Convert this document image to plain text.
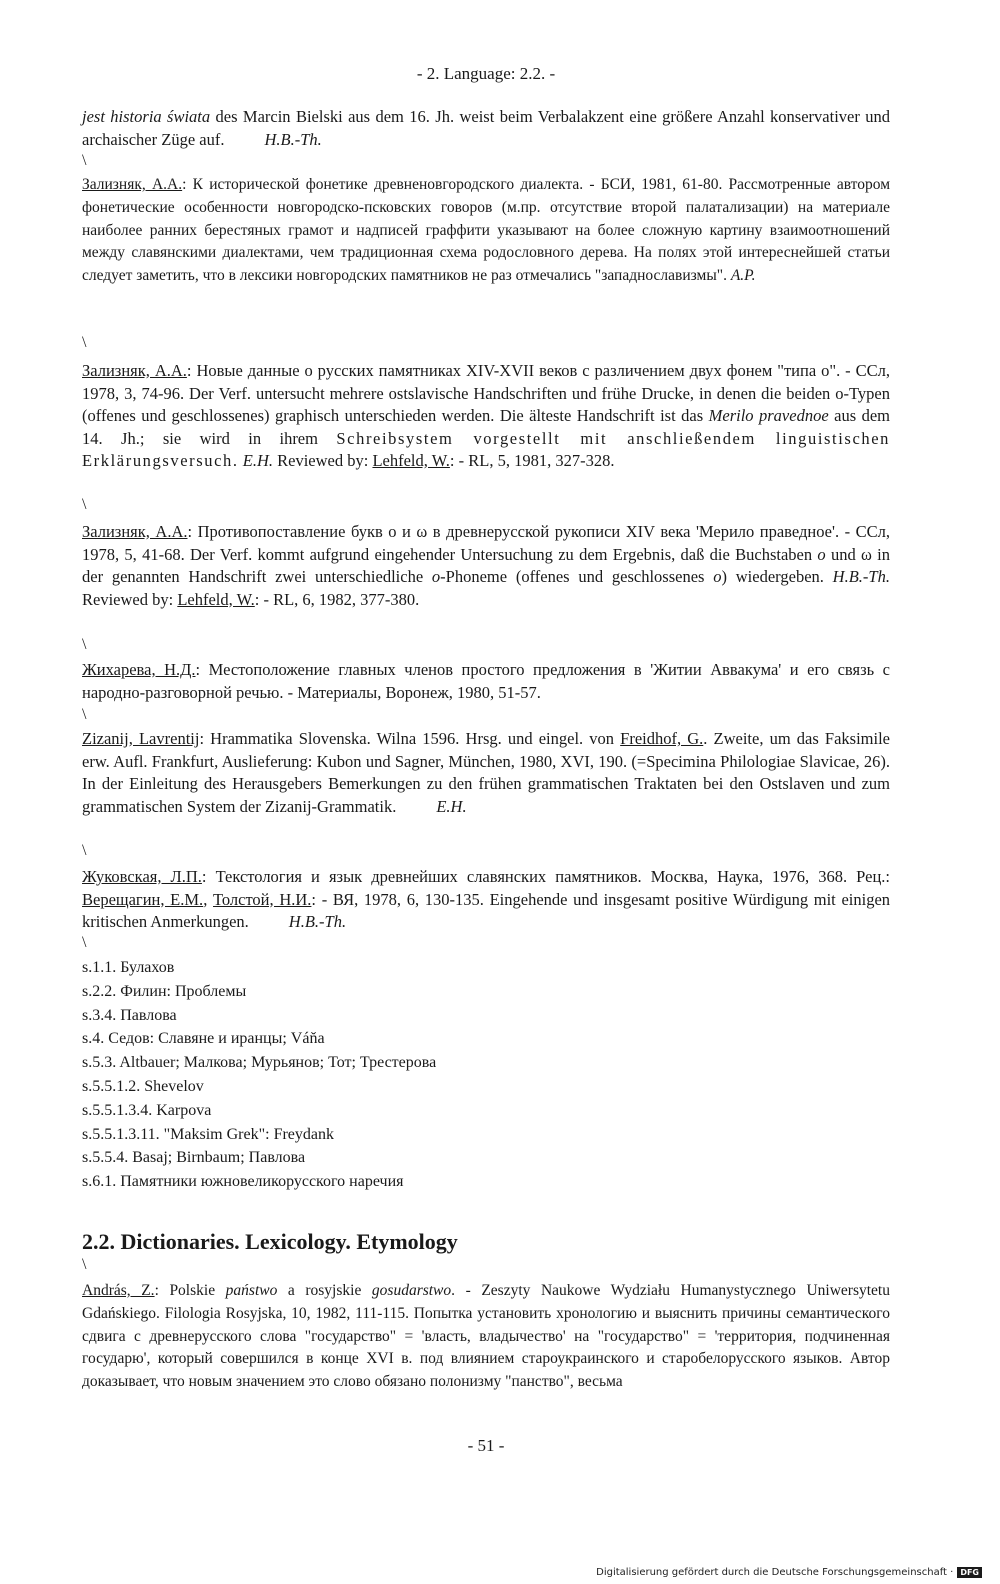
- 2. Language: 2.2. -
jest historia świata des Marcin Bielski aus dem 16. Jh. weist beim Verbalakzent eine größere Anzahl konservativer und archaischer Züge auf. H.B.-Th.
\
Зализняк, А.А.: К исторической фонетике древненовгородского диалекта. - БСИ, 1981, 61-80. Рассмотренные автором фонетические особенности новгородско-псковских говоров (м.пр. отсутствие второй палатализации) на материале наиболее ранних берестяных грамот и надписей граффити указывают на более сложную картину взаимоотношений между славянскими диалектами, чем традиционная схема родословного дерева. На полях этой интереснейшей статьи следует заметить, что в лексики новгородских памятников не раз отмечались "западнославизмы". A.P.
\
Зализняк, А.А.: Новые данные о русских памятниках XIV-XVII веков с различением двух фонем "типа о". - ССл, 1978, 3, 74-96. Der Verf. untersucht mehrere ostslavische Handschriften und frühe Drucke, in denen die beiden o-Typen (offenes und geschlossenes) graphisch unterschieden werden. Die älteste Handschrift ist das Merilo pravednoe aus dem 14. Jh.; sie wird in ihrem Schreibsystem vorgestellt mit anschließendem linguistischen Erklärungsversuch. E.H. Reviewed by: Lehfeld, W.: - RL, 5, 1981, 327-328.
\
Зализняк, А.А.: Противопоставление букв о и ω в древнерусской рукописи XIV века 'Мерило праведное'. - ССл, 1978, 5, 41-68. Der Verf. kommt aufgrund eingehender Untersuchung zu dem Ergebnis, daß die Buchstaben o und ω in der genannten Handschrift zwei unterschiedliche o-Phoneme (offenes und geschlossenes o) wiedergeben. H.B.-Th. Reviewed by: Lehfeld, W.: - RL, 6, 1982, 377-380.
\
Жихарева, Н.Д.: Местоположение главных членов простого предложения в 'Житии Аввакума' и его связь с народно-разговорной речью. - Материалы, Воронеж, 1980, 51-57.
\
Zizanij, Lavrentij: Hrammatika Slovenska. Wilna 1596. Hrsg. und eingel. von Freidhof, G.. Zweite, um das Faksimile erw. Aufl. Frankfurt, Auslieferung: Kubon und Sagner, München, 1980, XVI, 190. (=Specimina Philologiae Slavicae, 26). In der Einleitung des Herausgebers Bemerkungen zu den frühen grammatischen Traktaten bei den Ostslaven und zum grammatischen System der Zizanij-Grammatik. E.H.
\
Жуковская, Л.П.: Текстология и язык древнейших славянских памятников. Москва, Наука, 1976, 368. Рец.: Верещагин, Е.М., Толстой, Н.И.: - ВЯ, 1978, 6, 130-135. Eingehende und insgesamt positive Würdigung mit einigen kritischen Anmerkungen. H.B.-Th.
\
s.1.1. Булахов
s.2.2. Филин: Проблемы
s.3.4. Павлова
s.4. Седов: Славяне и иранцы; Váňa
s.5.3. Altbauer; Малкова; Мурьянов; Тот; Трестерова
s.5.5.1.2. Shevelov
s.5.5.1.3.4. Karpova
s.5.5.1.3.11. "Maksim Grek": Freydank
s.5.5.4. Basaj; Birnbaum; Павлова
s.6.1. Памятники южновеликорусского наречия
2.2. Dictionaries. Lexicology. Etymology
\
András, Z.: Polskie państwo a rosyjskie gosudarstwo. - Zeszyty Naukowe Wydziału Humanystycznego Uniwersytetu Gdańskiego. Filologia Rosyjska, 10, 1982, 111-115. Попытка установить хронологию и выяснить причины семантического сдвига с древнерусского слова "государство" = 'власть, владычество' на "государство" = 'территория, подчиненная государю', который совершился в конце XVI в. под влиянием староукраинского и старобелорусского языков. Автор доказывает, что новым значением это слово обязано полонизму "панство", весьма
- 51 -
Digitalisierung gefördert durch die Deutsche Forschungsgemeinschaft · DFG
